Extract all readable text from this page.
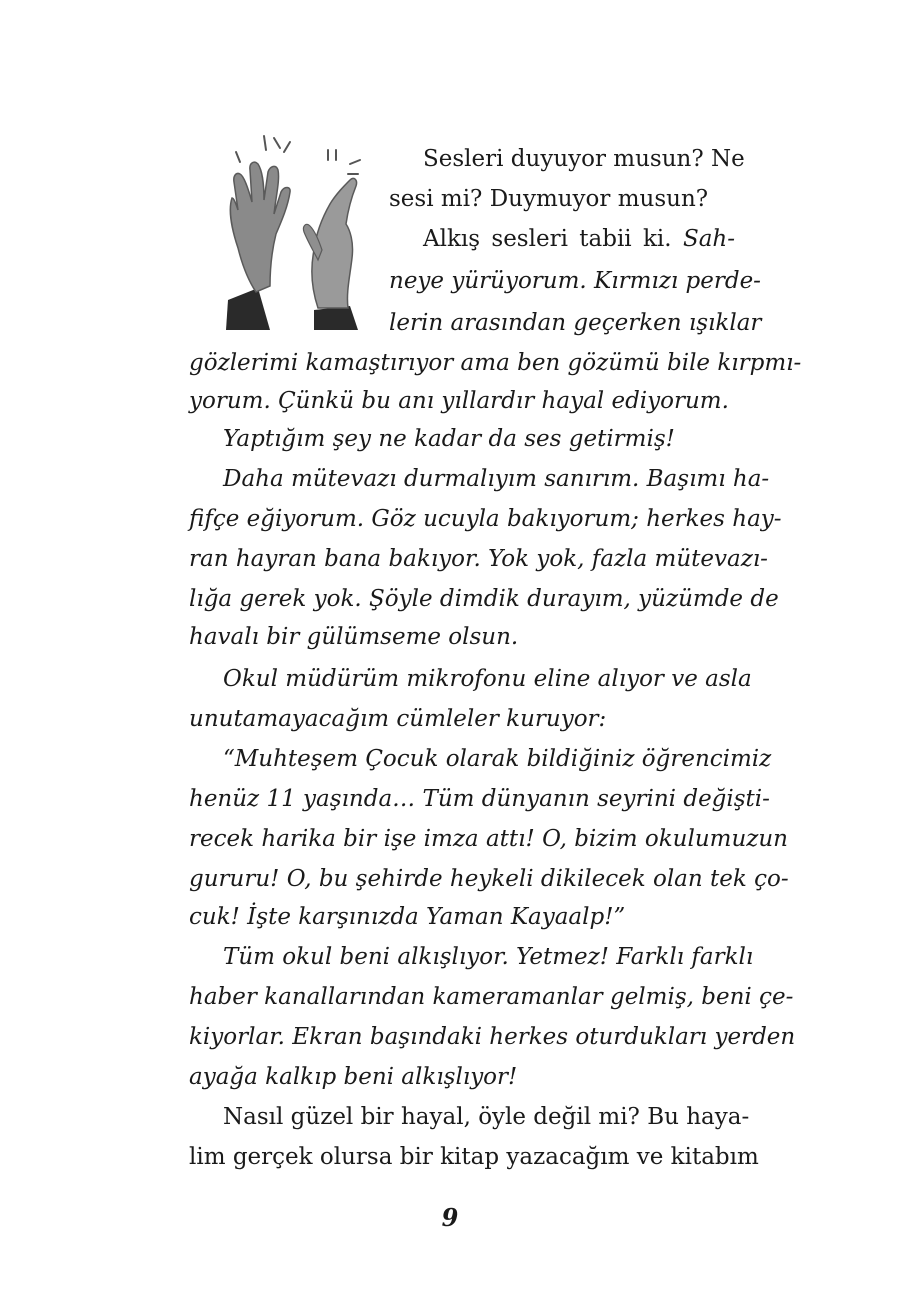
Sesleri duyuyor musun? Ne
sesi mi? Duymuyor musun?
Alkış sesleri tabii ki. Sah-
neye yürüyorum. Kırmızı perde-
lerin arasından geçerken ışıklar
gözlerimi kamaştırıyor ama ben gözümü bile kırpmı-
yorum. Çünkü bu anı yıllardır hayal ediyorum.
Yaptığım şey ne kadar da ses getirmiş!
Daha mütevazı durmalıyım sanırım. Başımı ha-
fifçe eğiyorum. Göz ucuyla bakıyorum; herkes hay-
ran hayran bana bakıyor. Yok yok, fazla mütevazı-
lığa gerek yok. Şöyle dimdik durayım, yüzümde de
havalı bir gülümseme olsun.
Okul müdürüm mikrofonu eline alıyor ve asla
unutamayacağım cümleler kuruyor:
“Muhteşem Çocuk olarak bildiğiniz öğrencimiz
henüz 11 yaşında… Tüm dünyanın seyrini değişti-
recek harika bir işe imza attı! O, bizim okulumuzun
gururu! O, bu şehirde heykeli dikilecek olan tek ço-
cuk! İşte karşınızda Yaman Kayaalp!”
Tüm okul beni alkışlıyor. Yetmez! Farklı farklı
haber kanallarından kameramanlar gelmiş, beni çe-
kiyorlar. Ekran başındaki herkes oturdukları yerden
ayağa kalkıp beni alkışlıyor!
Nasıl güzel bir hayal, öyle değil mi? Bu haya-
lim gerçek olursa bir kitap yazacağım ve kitabım
9
